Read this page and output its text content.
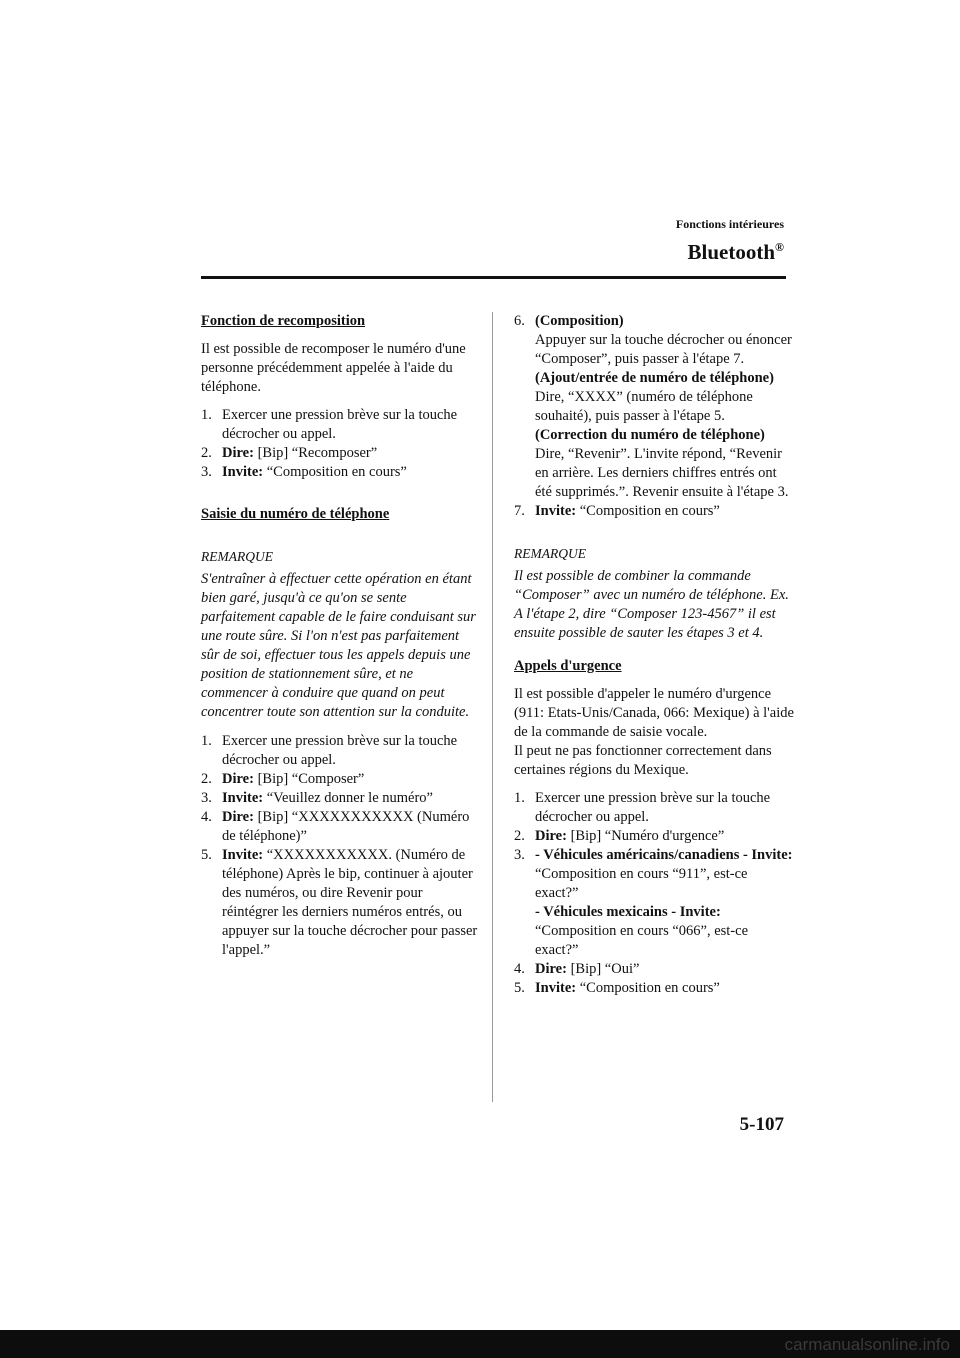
Fonctions intérieures
Bluetooth®
Fonction de recomposition

Il est possible de recomposer le numéro d'une personne précédemment appelée à l'aide du téléphone.

1. Exercer une pression brève sur la touche décrocher ou appel.
2. Dire: [Bip] “Recomposer”
3. Invite: “Composition en cours”
Saisie du numéro de téléphone
REMARQUE
S'entraîner à effectuer cette opération en étant bien garé, jusqu'à ce qu'on se sente parfaitement capable de le faire conduisant sur une route sûre. Si l'on n'est pas parfaitement sûr de soi, effectuer tous les appels depuis une position de stationnement sûre, et ne commencer à conduire que quand on peut concentrer toute son attention sur la conduite.
1. Exercer une pression brève sur la touche décrocher ou appel.
2. Dire: [Bip] “Composer”
3. Invite: “Veuillez donner le numéro”
4. Dire: [Bip] “XXXXXXXXXXX (Numéro de téléphone)”
5. Invite: “XXXXXXXXXXX. (Numéro de téléphone) Après le bip, continuer à ajouter des numéros, ou dire Revenir pour réintégrer les derniers numéros entrés, ou appuyer sur la touche décrocher pour passer l'appel.”
6. (Composition)
Appuyer sur la touche décrocher ou énoncer “Composer”, puis passer à l'étape 7.
(Ajout/entrée de numéro de téléphone)
Dire, “XXXX” (numéro de téléphone souhaité), puis passer à l'étape 5.
(Correction du numéro de téléphone)
Dire, “Revenir”. L'invite répond, “Revenir en arrière. Les derniers chiffres entrés ont été supprimés.”. Revenir ensuite à l'étape 3.
7. Invite: “Composition en cours”
REMARQUE
Il est possible de combiner la commande “Composer” avec un numéro de téléphone. Ex. A l'étape 2, dire “Composer 123-4567” il est ensuite possible de sauter les étapes 3 et 4.
Appels d'urgence

Il est possible d'appeler le numéro d'urgence (911: Etats-Unis/Canada, 066: Mexique) à l'aide de la commande de saisie vocale.

Il peut ne pas fonctionner correctement dans certaines régions du Mexique.

1. Exercer une pression brève sur la touche décrocher ou appel.
2. Dire: [Bip] “Numéro d'urgence”
3. - Véhicules américains/canadiens - Invite: “Composition en cours “911”, est-ce exact?”
- Véhicules mexicains - Invite:
“Composition en cours “066”, est-ce exact?”
4. Dire: [Bip] “Oui”
5. Invite: “Composition en cours”
5-107
carmanualsonline.info
